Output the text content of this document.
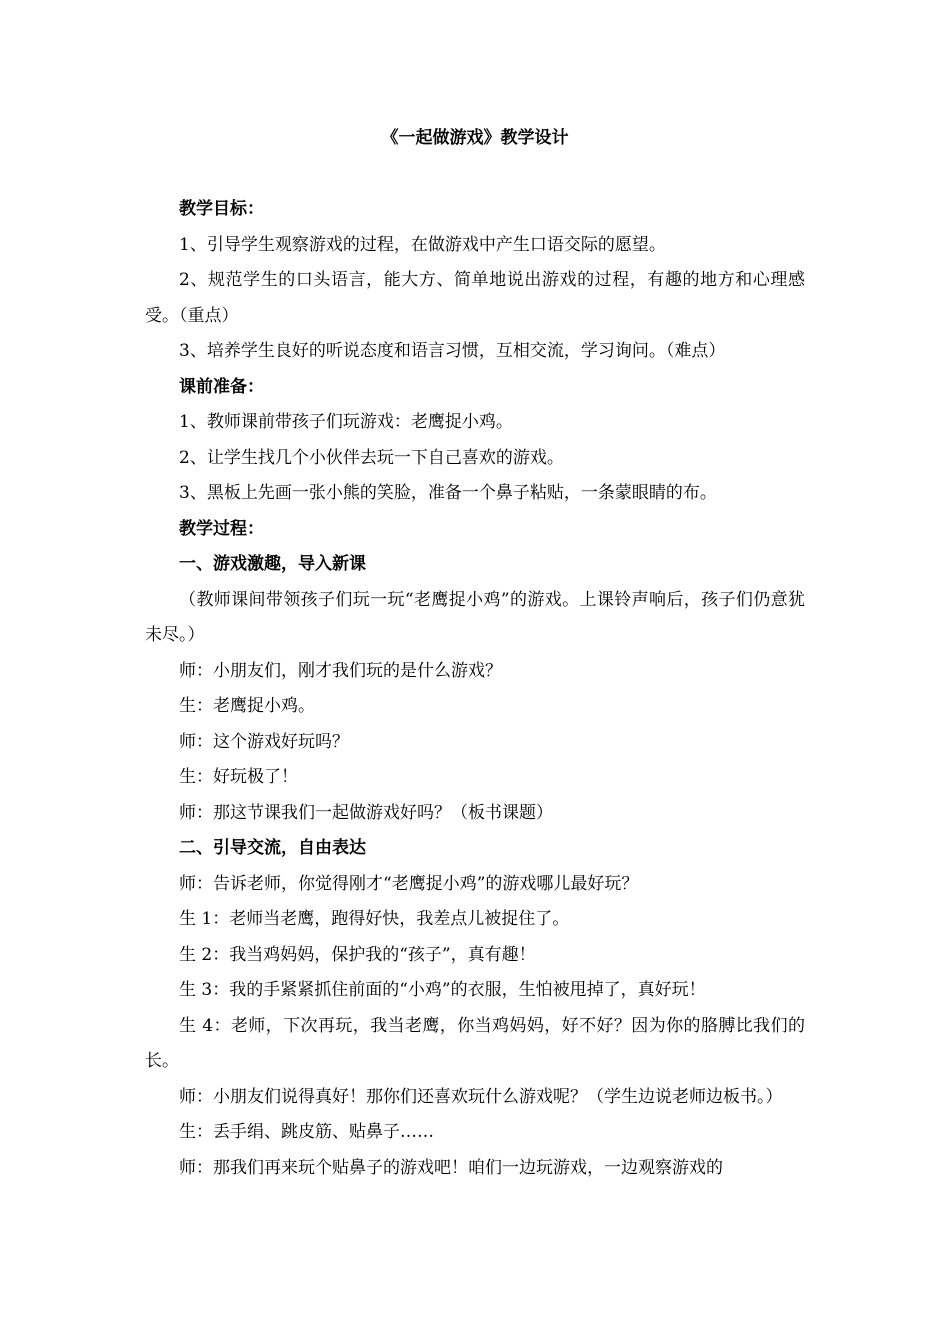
《一起做游戏》教学设计

教学目标：

1、引导学生观察游戏的过程，在做游戏中产生口语交际的愿望。

2、规范学生的口头语言，能大方、简单地说出游戏的过程，有趣的地方和心理感受。（重点）

3、培养学生良好的听说态度和语言习惯，互相交流，学习询问。（难点）

课前准备：

1、教师课前带孩子们玩游戏：老鹰捉小鸡。

2、让学生找几个小伙伴去玩一下自己喜欢的游戏。

3、黑板上先画一张小熊的笑脸，准备一个鼻子粘贴，一条蒙眼睛的布。

教学过程：

一、游戏激趣，导入新课

（教师课间带领孩子们玩一玩“老鹰捉小鸡”的游戏。上课铃声响后，孩子们仍意犹未尽。）

师：小朋友们，刚才我们玩的是什么游戏？

生：老鹰捉小鸡。

师：这个游戏好玩吗？

生：好玩极了！

师：那这节课我们一起做游戏好吗？（板书课题）

二、引导交流，自由表达

师：告诉老师，你觉得刚才“老鹰捉小鸡”的游戏哪儿最好玩？

生 1：老师当老鹰，跑得好快，我差点儿被捉住了。

生 2：我当鸡妈妈，保护我的“孩子”，真有趣！

生 3：我的手紧紧抓住前面的“小鸡”的衣服，生怕被甩掉了，真好玩！

生 4：老师，下次再玩，我当老鹰，你当鸡妈妈，好不好？因为你的胳膊比我们的长。

师：小朋友们说得真好！那你们还喜欢玩什么游戏呢？（学生边说老师边板书。）

生：丢手绢、跳皮筋、贴鼻子……

师：那我们再来玩个贴鼻子的游戏吧！咱们一边玩游戏，一边观察游戏的
